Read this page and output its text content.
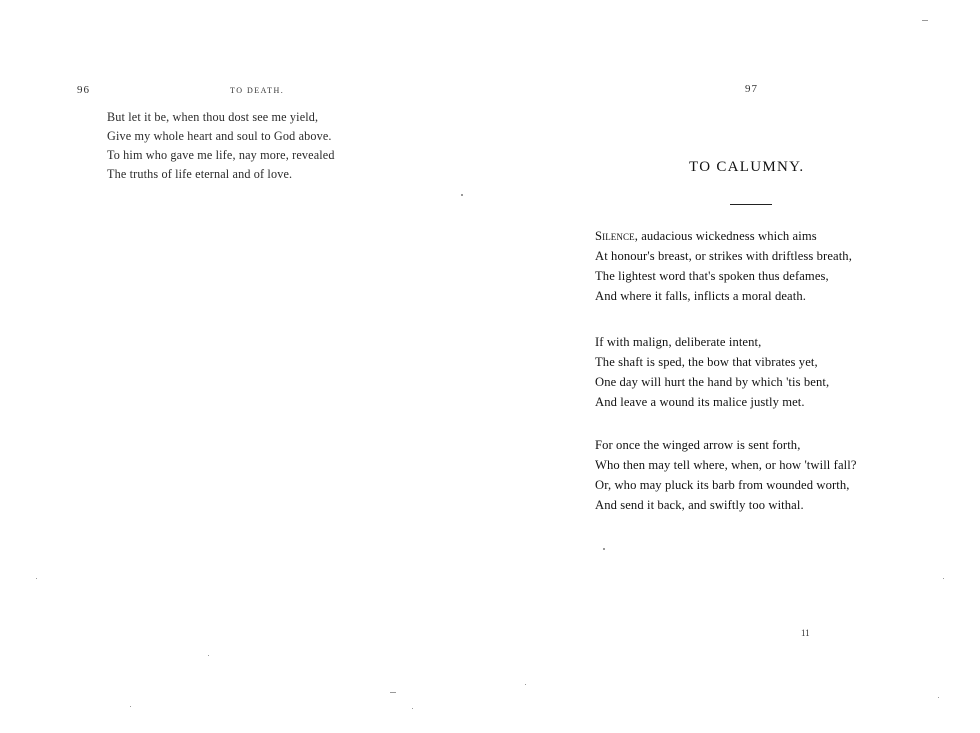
96	TO DEATH.
But let it be, when thou dost see me yield,
Give my whole heart and soul to God above.
To him who gave me life, nay more, revealed
The truths of life eternal and of love.
97
TO CALUMNY.
Silence, audacious wickedness which aims
At honour's breast, or strikes with driftless breath,
The lightest word that's spoken thus defames,
And where it falls, inflicts a moral death.
If with malign, deliberate intent,
The shaft is sped, the bow that vibrates yet,
One day will hurt the hand by which 'tis bent,
And leave a wound its malice justly met.
For once the winged arrow is sent forth,
Who then may tell where, when, or how 'twill fall?
Or, who may pluck its barb from wounded worth,
And send it back, and swiftly too withal.
11
